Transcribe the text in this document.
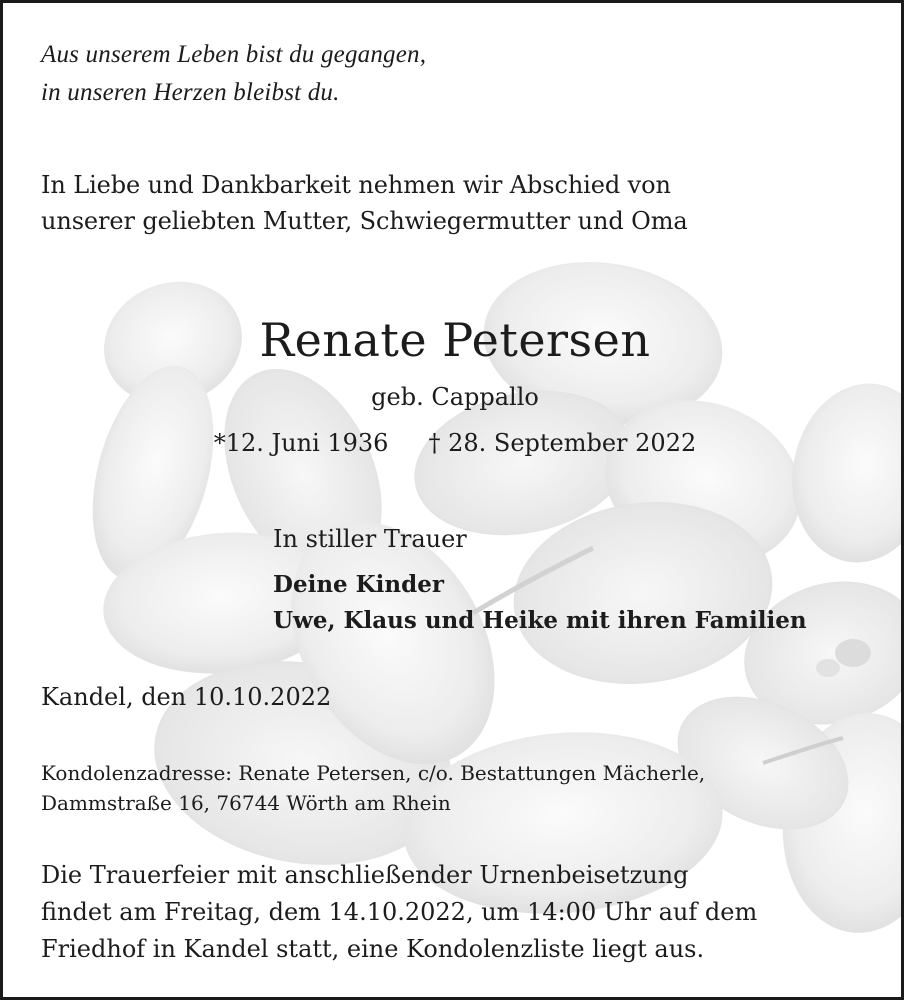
Aus unserem Leben bist du gegangen,
in unseren Herzen bleibst du.
In Liebe und Dankbarkeit nehmen wir Abschied von
unserer geliebten Mutter, Schwiegermutter und Oma
Renate Petersen
geb. Cappallo
*12. Juni 1936 † 28. September 2022
In stiller Trauer
Deine Kinder
Uwe, Klaus und Heike mit ihren Familien
Kandel, den 10.10.2022
Kondolenzadresse: Renate Petersen, c/o. Bestattungen Mächerle,
Dammstraße 16, 76744 Wörth am Rhein
Die Trauerfeier mit anschließender Urnenbeisetzung
findet am Freitag, dem 14.10.2022, um 14:00 Uhr auf dem
Friedhof in Kandel statt, eine Kondolenzliste liegt aus.
